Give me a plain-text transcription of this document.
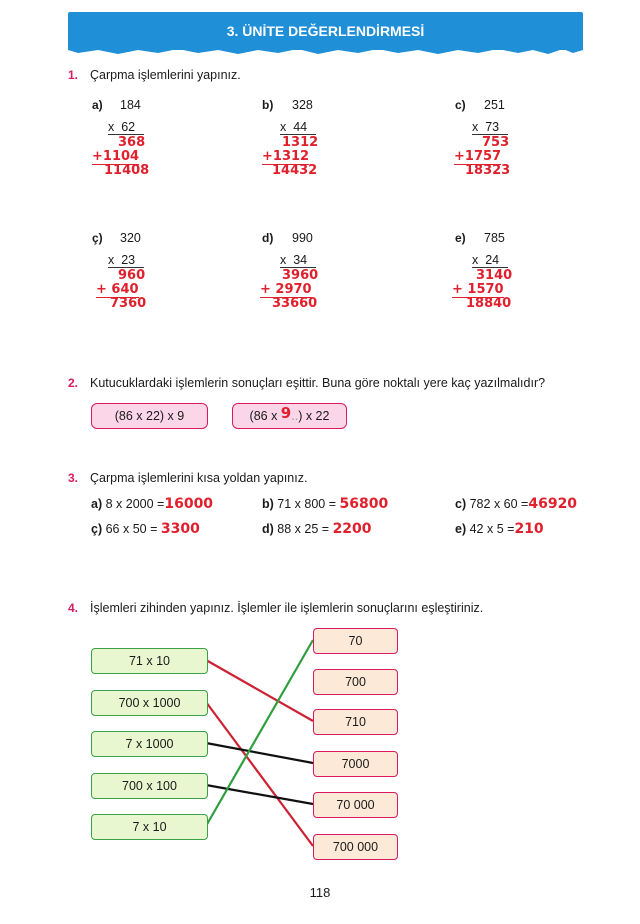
3. ÜNİTE DEĞERLENDİRMESİ
1. Çarpma işlemlerini yapınız.
a) 184
x 62
368
+1104
11408
b) 328
x 44
1312
+1312
14432
c) 251
x 73
753
+1757
18323
ç) 320
x 23
960
+ 640
7360
d) 990
x 34
3960
+ 2970
33660
e) 785
x 24
3140
+ 1570
18840
2. Kutucuklardaki işlemlerin sonuçları eşittir. Buna göre noktalı yere kaç yazılmalıdır?
(86 x 22) x 9	(86 x 9 .. ) x 22
3. Çarpma işlemlerini kısa yoldan yapınız.
a) 8 x 2000 =16000	b) 71 x 800 = 56800	c) 782 x 60 =46920
ç) 66 x 50 = 3300	d) 88 x 25 = 2200	e) 42 x 5 =210
4. İşlemleri zihinden yapınız. İşlemler ile işlemlerin sonuçlarını eşleştiriniz.
71 x 10
700 x 1000
7 x 1000
700 x 100
7 x 10
70
700
710
7000
70 000
700 000
118
